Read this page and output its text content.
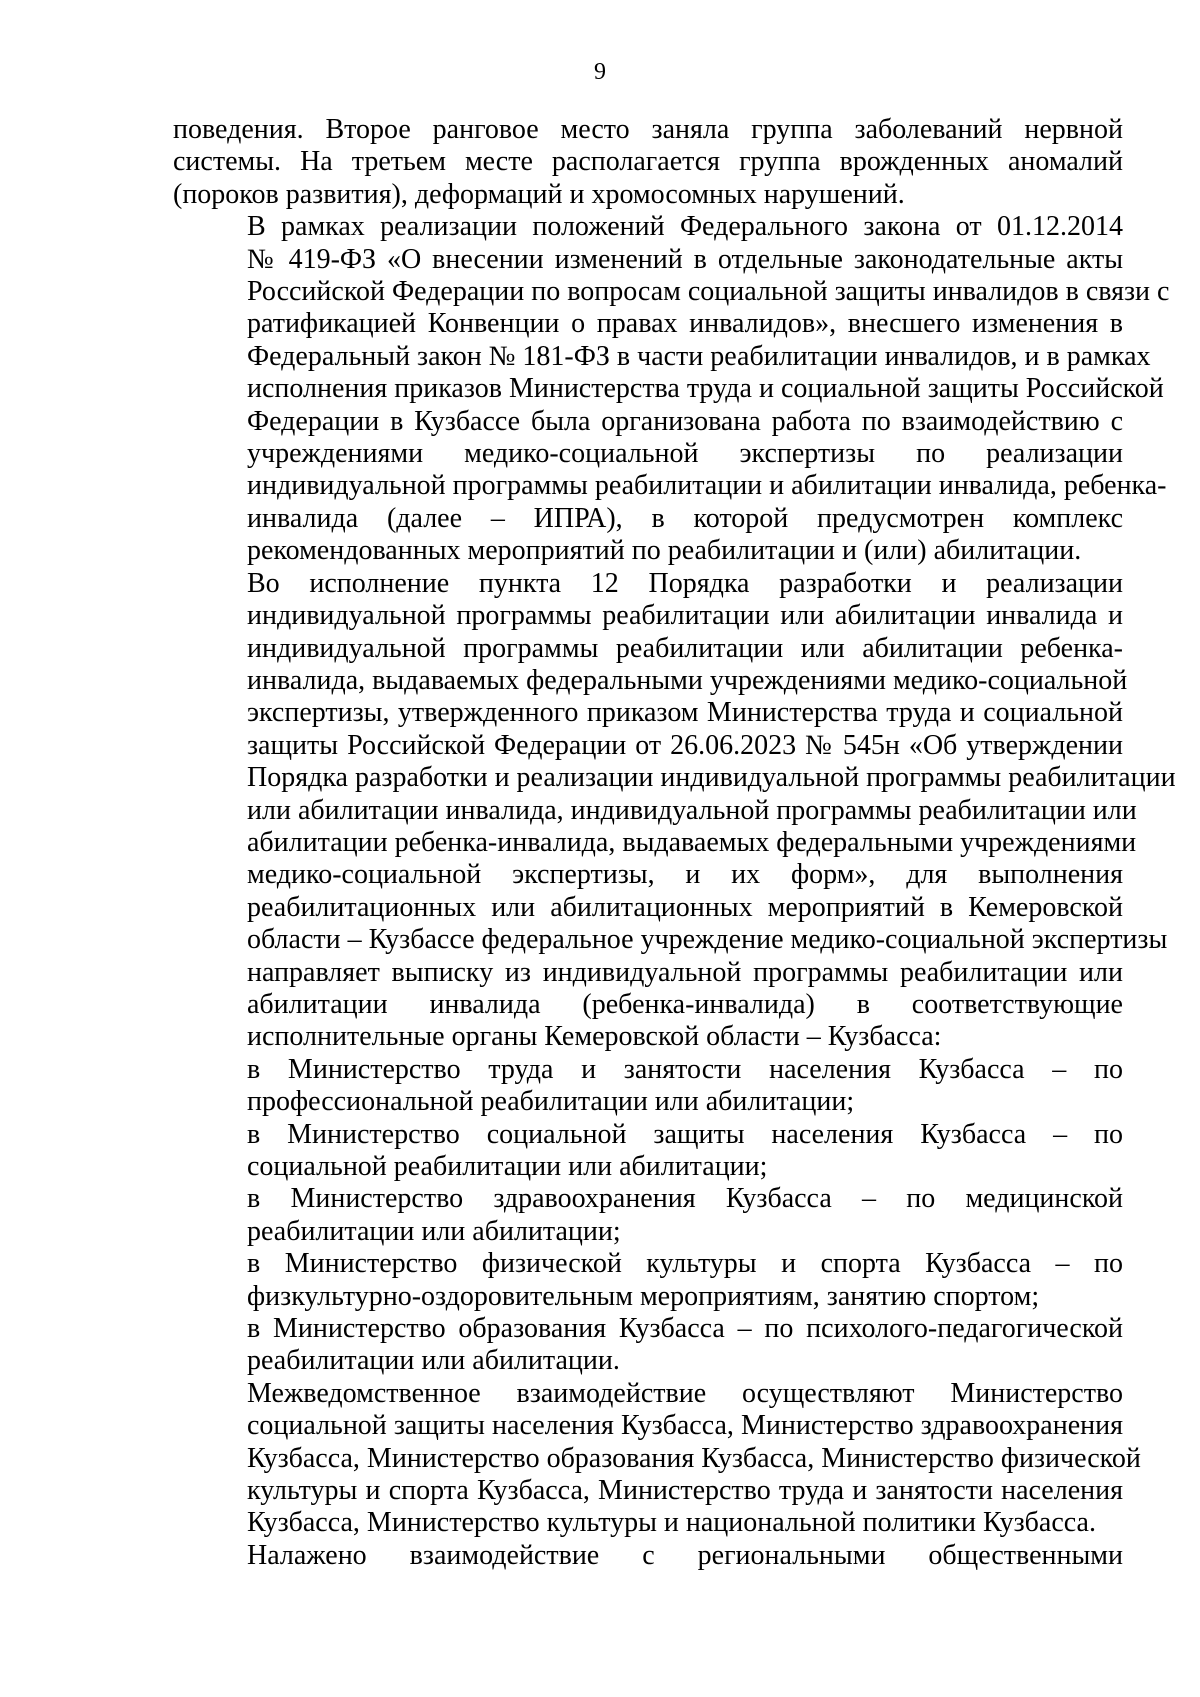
9

поведения. Второе ранговое место заняла группа заболеваний нервной
системы. На третьем месте располагается группа врожденных аномалий
(пороков развития), деформаций и хромосомных нарушений.

В рамках реализации положений Федерального закона от 01.12.2014
№ 419-ФЗ «О внесении изменений в отдельные законодательные акты
Российской Федерации по вопросам социальной защиты инвалидов в связи с
ратификацией Конвенции о правах инвалидов», внесшего изменения в
Федеральный закон № 181-ФЗ в части реабилитации инвалидов, и в рамках
исполнения приказов Министерства труда и социальной защиты Российской
Федерации в Кузбассе была организована работа по взаимодействию с
учреждениями медико-социальной экспертизы по реализации
индивидуальной программы реабилитации и абилитации инвалида, ребенка-
инвалида (далее – ИПРА), в которой предусмотрен комплекс
рекомендованных мероприятий по реабилитации и (или) абилитации.

Во исполнение пункта 12 Порядка разработки и реализации
индивидуальной программы реабилитации или абилитации инвалида и
индивидуальной программы реабилитации или абилитации ребенка-
инвалида, выдаваемых федеральными учреждениями медико-социальной
экспертизы, утвержденного приказом Министерства труда и социальной
защиты Российской Федерации от 26.06.2023 № 545н «Об утверждении
Порядка разработки и реализации индивидуальной программы реабилитации
или абилитации инвалида, индивидуальной программы реабилитации или
абилитации ребенка-инвалида, выдаваемых федеральными учреждениями
медико-социальной экспертизы, и их форм», для выполнения
реабилитационных или абилитационных мероприятий в Кемеровской
области – Кузбассе федеральное учреждение медико-социальной экспертизы
направляет выписку из индивидуальной программы реабилитации или
абилитации инвалида (ребенка-инвалида) в соответствующие
исполнительные органы Кемеровской области – Кузбасса:

в Министерство труда и занятости населения Кузбасса – по
профессиональной реабилитации или абилитации;

в Министерство социальной защиты населения Кузбасса – по
социальной реабилитации или абилитации;

в Министерство здравоохранения Кузбасса – по медицинской
реабилитации или абилитации;

в Министерство физической культуры и спорта Кузбасса – по
физкультурно-оздоровительным мероприятиям, занятию спортом;

в Министерство образования Кузбасса – по психолого-педагогической
реабилитации или абилитации.

Межведомственное взаимодействие осуществляют Министерство
социальной защиты населения Кузбасса, Министерство здравоохранения
Кузбасса, Министерство образования Кузбасса, Министерство физической
культуры и спорта Кузбасса, Министерство труда и занятости населения
Кузбасса, Министерство культуры и национальной политики Кузбасса.

Налажено взаимодействие с региональными общественными
